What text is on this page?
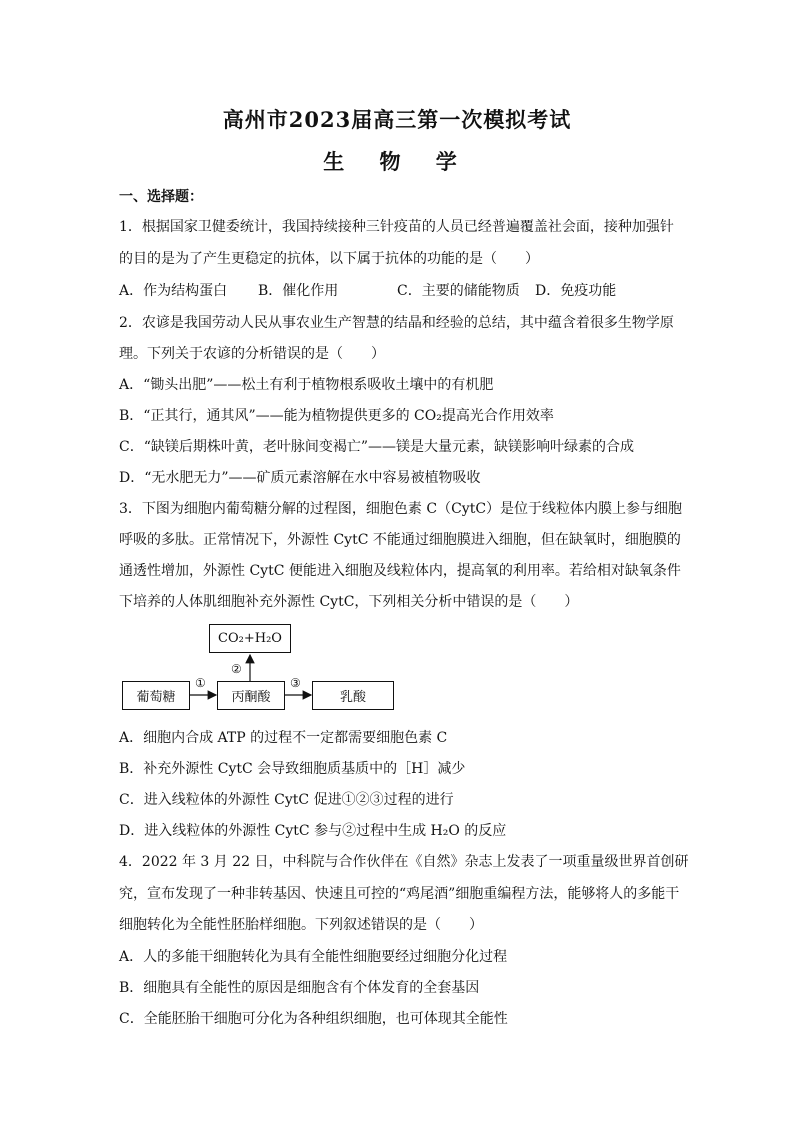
高州市2023届高三第一次模拟考试
生 物 学
一、选择题：
1．根据国家卫健委统计，我国持续接种三针疫苗的人员已经普遍覆盖社会面，接种加强针
的目的是为了产生更稳定的抗体，以下属于抗体的功能的是（　　）
A．作为结构蛋白 B．催化作用	C．主要的储能物质 D．免疫功能
2．农谚是我国劳动人民从事农业生产智慧的结晶和经验的总结，其中蕴含着很多生物学原
理。下列关于农谚的分析错误的是（　　）
A．“锄头出肥”——松土有利于植物根系吸收土壤中的有机肥
B．“正其行，通其风”——能为植物提供更多的 CO₂提高光合作用效率
C．“缺镁后期株叶黄，老叶脉间变褐亡”——镁是大量元素，缺镁影响叶绿素的合成
D．“无水肥无力”——矿质元素溶解在水中容易被植物吸收
3．下图为细胞内葡萄糖分解的过程图，细胞色素 C（CytC）是位于线粒体内膜上参与细胞
呼吸的多肽。正常情况下，外源性 CytC 不能通过细胞膜进入细胞，但在缺氧时，细胞膜的
通透性增加，外源性 CytC 便能进入细胞及线粒体内，提高氧的利用率。若给相对缺氧条件
下培养的人体肌细胞补充外源性 CytC，下列相关分析中错误的是（　　）
CO₂+H₂O
葡萄糖	丙酮酸	乳酸
①
②
③
A．细胞内合成 ATP 的过程不一定都需要细胞色素 C
B．补充外源性 CytC 会导致细胞质基质中的［H］减少
C．进入线粒体的外源性 CytC 促进①②③过程的进行
D．进入线粒体的外源性 CytC 参与②过程中生成 H₂O 的反应
4．2022 年 3 月 22 日，中科院与合作伙伴在《自然》杂志上发表了一项重量级世界首创研
究，宣布发现了一种非转基因、快速且可控的“鸡尾酒”细胞重编程方法，能够将人的多能干
细胞转化为全能性胚胎样细胞。下列叙述错误的是（　　）
A．人的多能干细胞转化为具有全能性细胞要经过细胞分化过程
B．细胞具有全能性的原因是细胞含有个体发育的全套基因
C．全能胚胎干细胞可分化为各种组织细胞，也可体现其全能性
